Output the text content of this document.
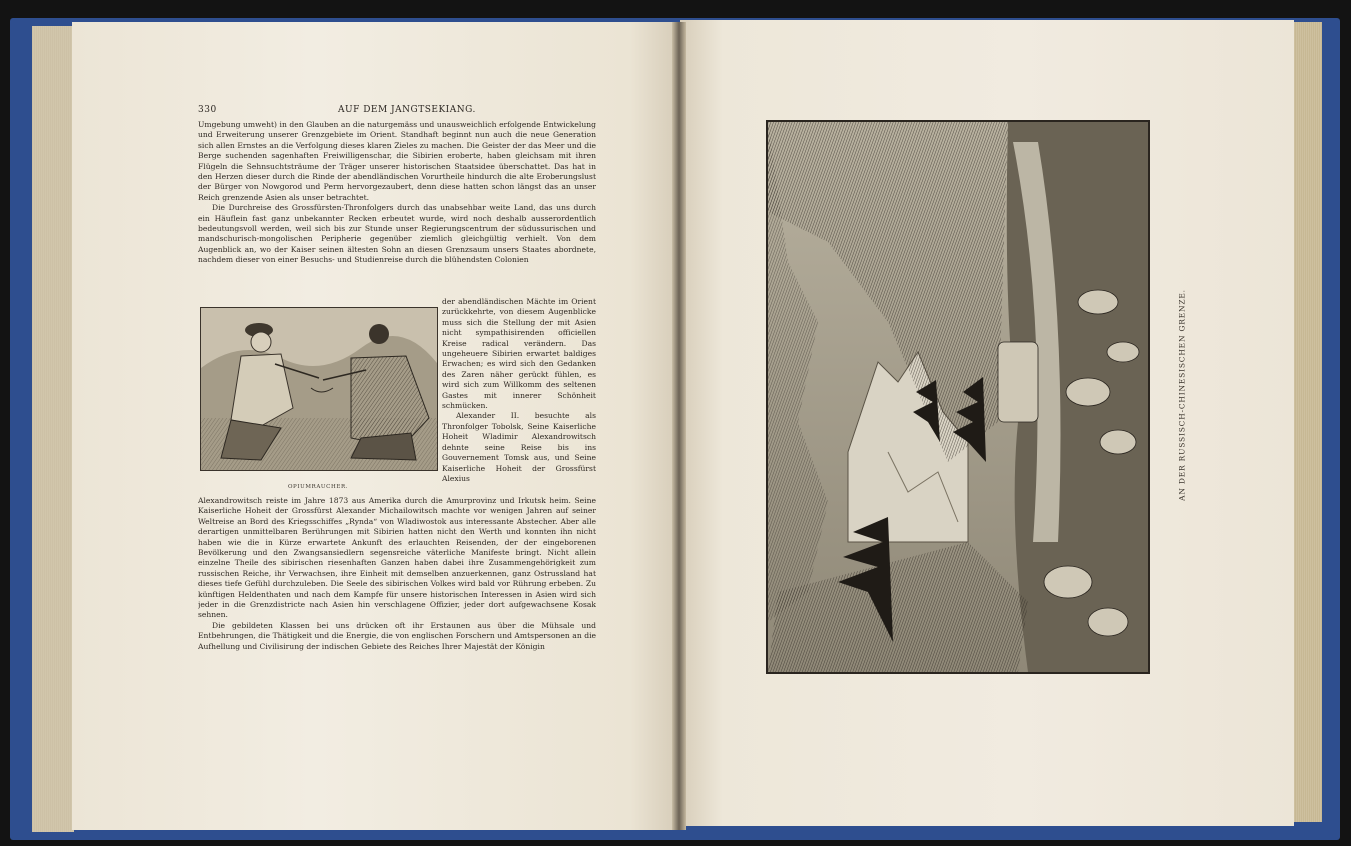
330	AUF DEM JANGTSEKIANG.

Umgebung umweht) in den Glauben an die naturgemäss und unausweichlich erfolgende Entwickelung und Erweiterung unserer Grenzgebiete im Orient. Standhaft beginnt nun auch die neue Generation sich allen Ernstes an die Verfolgung dieses klaren Zieles zu machen. Die Geister der das Meer und die Berge suchenden sagenhaften Freiwilligenschar, die Sibirien eroberte, haben gleichsam mit ihren Flügeln die Sehnsuchtsträume der Träger unserer historischen Staatsidee überschattet. Das hat in den Herzen dieser durch die Rinde der abendländischen Vorurtheile hindurch die alte Eroberungslust der Bürger von Nowgorod und Perm hervorgezaubert, denn diese hatten schon längst das an unser Reich grenzende Asien als unser betrachtet.

Die Durchreise des Grossfürsten-Thronfolgers durch das unabsehbar weite Land, das uns durch ein Häuflein fast ganz unbekannter Recken erbeutet wurde, wird noch deshalb ausserordentlich bedeutungsvoll werden, weil sich bis zur Stunde unser Regierungscentrum der südussurischen und mandschurisch-mongolischen Peripherie gegenüber ziemlich gleichgültig verhielt. Von dem Augenblick an, wo der Kaiser seinen ältesten Sohn an diesen Grenzsaum unsers Staates abordnete, nachdem dieser von einer Besuchs- und Studienreise durch die blühendsten Colonien

OPIUMRAUCHER.

der abendländischen Mächte im Orient zurückkehrte, von diesem Augenblicke muss sich die Stellung der mit Asien nicht sympathisirenden officiellen Kreise radical verändern. Das ungeheuere Sibirien erwartet baldiges Erwachen; es wird sich den Gedanken des Zaren näher gerückt fühlen, es wird sich zum Willkomm des seltenen Gastes mit innerer Schönheit schmücken.

Alexander II. besuchte als Thronfolger Tobolsk, Seine Kaiserliche Hoheit Wladimir Alexandrowitsch dehnte seine Reise bis ins Gouvernement Tomsk aus, und Seine Kaiserliche Hoheit der Grossfürst Alexius

Alexandrowitsch reiste im Jahre 1873 aus Amerika durch die Amurprovinz und Irkutsk heim. Seine Kaiserliche Hoheit der Grossfürst Alexander Michailowitsch machte vor wenigen Jahren auf seiner Weltreise an Bord des Kriegsschiffes „Rynda“ von Wladiwostok aus interessante Abstecher. Aber alle derartigen unmittelbaren Berührungen mit Sibirien hatten nicht den Werth und konnten ihn nicht haben wie die in Kürze erwartete Ankunft des erlauchten Reisenden, der der eingeborenen Bevölkerung und den Zwangsansiedlern segensreiche väterliche Manifeste bringt. Nicht allein einzelne Theile des sibirischen riesenhaften Ganzen haben dabei ihre Zusammengehörigkeit zum russischen Reiche, ihr Verwachsen, ihre Einheit mit demselben anzuerkennen, ganz Ostrussland hat dieses tiefe Gefühl durchzuleben. Die Seele des sibirischen Volkes wird bald vor Rührung erbeben. Zu künftigen Heldenthaten und nach dem Kampfe für unsere historischen Interessen in Asien wird sich jeder in die Grenzdistricte nach Asien hin verschlagene Offizier, jeder dort aufgewachsene Kosak sehnen.

Die gebildeten Klassen bei uns drücken oft ihr Erstaunen aus über die Mühsale und Entbehrungen, die Thätigkeit und die Energie, die von englischen Forschern und Amtspersonen an die Aufhellung und Civilisirung der indischen Gebiete des Reiches Ihrer Majestät der Königin

AN DER RUSSISCH-CHINESISCHEN GRENZE.
